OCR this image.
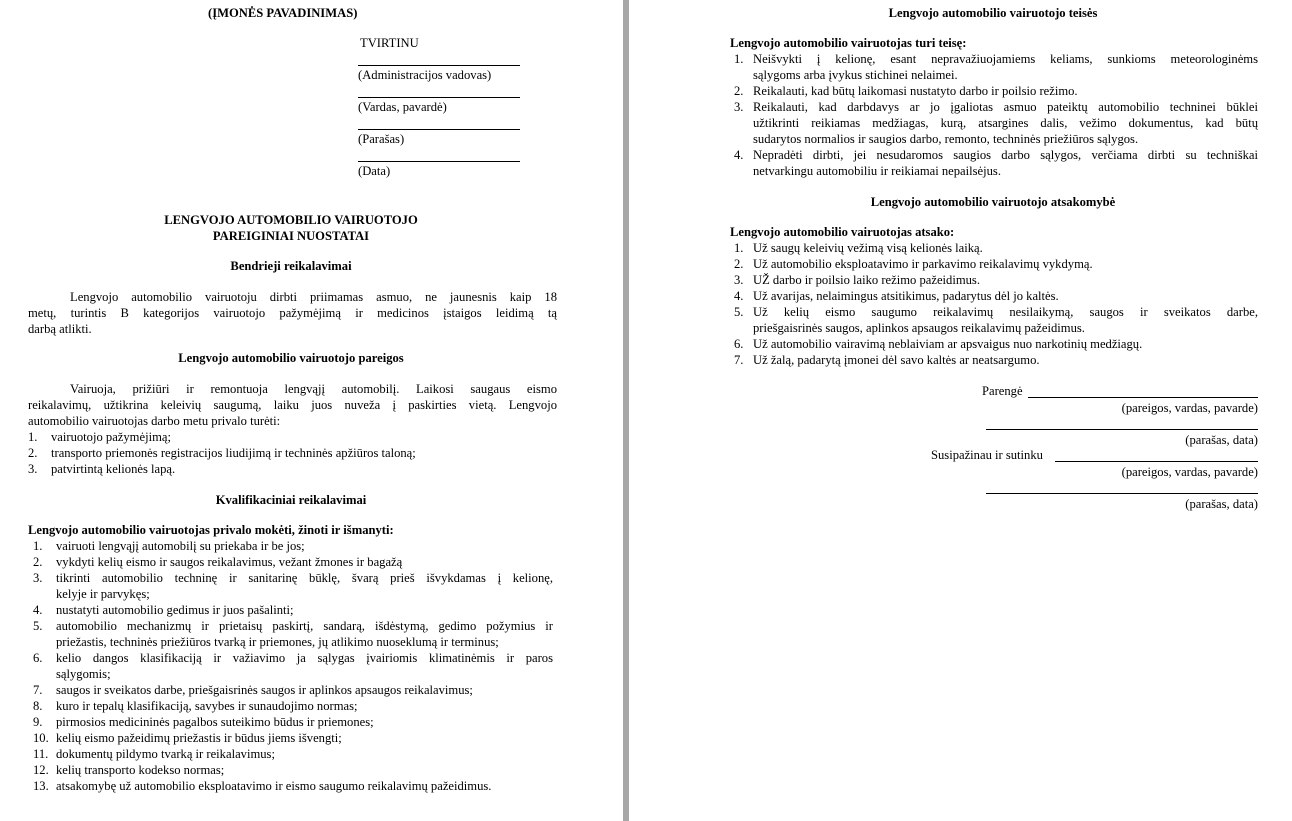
(ĮMONĖS PAVADINIMAS)
TVIRTINU
(Administracijos vadovas)
(Vardas, pavardė)
(Parašas)
(Data)
LENGVOJO AUTOMOBILIO VAIRUOTOJO
PAREIGINIAI NUOSTATAI
Bendrieji reikalavimai
Lengvojo automobilio vairuotoju dirbti priimamas asmuo, ne jaunesnis kaip 18
metų, turintis B kategorijos vairuotojo pažymėjimą ir medicinos įstaigos leidimą tą
darbą atlikti.
Lengvojo automobilio vairuotojo pareigos
Vairuoja, prižiūri ir remontuoja lengvąjį automobilį. Laikosi saugaus eismo
reikalavimų, užtikrina keleivių saugumą, laiku juos nuveža į paskirties vietą. Lengvojo
automobilio vairuotojas darbo metu privalo turėti:
1. vairuotojo pažymėjimą;
2. transporto priemonės registracijos liudijimą ir techninės apžiūros taloną;
3. patvirtintą kelionės lapą.
Kvalifikaciniai reikalavimai
Lengvojo automobilio vairuotojas privalo mokėti, žinoti ir išmanyti:
1. vairuoti lengvąjį automobilį su priekaba ir be jos;
2. vykdyti kelių eismo ir saugos reikalavimus, vežant žmones ir bagažą
3. tikrinti automobilio techninę ir sanitarinę būklę, švarą prieš išvykdamas į kelionę,
kelyje ir parvykęs;
4. nustatyti automobilio gedimus ir juos pašalinti;
5. automobilio mechanizmų ir prietaisų paskirtį, sandarą, išdėstymą, gedimo požymius ir
priežastis, techninės priežiūros tvarką ir priemones, jų atlikimo nuoseklumą ir terminus;
6. kelio dangos klasifikaciją ir važiavimo ja sąlygas įvairiomis klimatinėmis ir paros
sąlygomis;
7. saugos ir sveikatos darbe, priešgaisrinės saugos ir aplinkos apsaugos reikalavimus;
8. kuro ir tepalų klasifikaciją, savybes ir sunaudojimo normas;
9. pirmosios medicininės pagalbos suteikimo būdus ir priemones;
10. kelių eismo pažeidimų priežastis ir būdus jiems išvengti;
11. dokumentų pildymo tvarką ir reikalavimus;
12. kelių transporto kodekso normas;
13. atsakomybę už automobilio eksploatavimo ir eismo saugumo reikalavimų pažeidimus.
Lengvojo automobilio vairuotojo teisės
Lengvojo automobilio vairuotojas turi teisę:
1. Neišvykti į kelionę, esant nepravažiuojamiems keliams, sunkioms meteorologinėms
sąlygoms arba įvykus stichinei nelaimei.
2. Reikalauti, kad būtų laikomasi nustatyto darbo ir poilsio režimo.
3. Reikalauti, kad darbdavys ar jo įgaliotas asmuo pateiktų automobilio techninei būklei
užtikrinti reikiamas medžiagas, kurą, atsargines dalis, vežimo dokumentus, kad būtų
sudarytos normalios ir saugios darbo, remonto, techninės priežiūros sąlygos.
4. Nepradėti dirbti, jei nesudaromos saugios darbo sąlygos, verčiama dirbti su techniškai
netvarkingu automobiliu ir reikiamai nepailsėjus.
Lengvojo automobilio vairuotojo atsakomybė
Lengvojo automobilio vairuotojas atsako:
1. Už saugų keleivių vežimą visą kelionės laiką.
2. Už automobilio eksploatavimo ir parkavimo reikalavimų vykdymą.
3. UŽ darbo ir poilsio laiko režimo pažeidimus.
4. Už avarijas, nelaimingus atsitikimus, padarytus dėl jo kaltės.
5. Už kelių eismo saugumo reikalavimų nesilaikymą, saugos ir sveikatos darbe,
priešgaisrinės saugos, aplinkos apsaugos reikalavimų pažeidimus.
6. Už automobilio vairavimą neblaiviam ar apsvaigus nuo narkotinių medžiagų.
7. Už žalą, padarytą įmonei dėl savo kaltės ar neatsargumo.
Parengė
(pareigos, vardas, pavarde)
(parašas, data)
Susipažinau ir sutinku
(pareigos, vardas, pavarde)
(parašas, data)
